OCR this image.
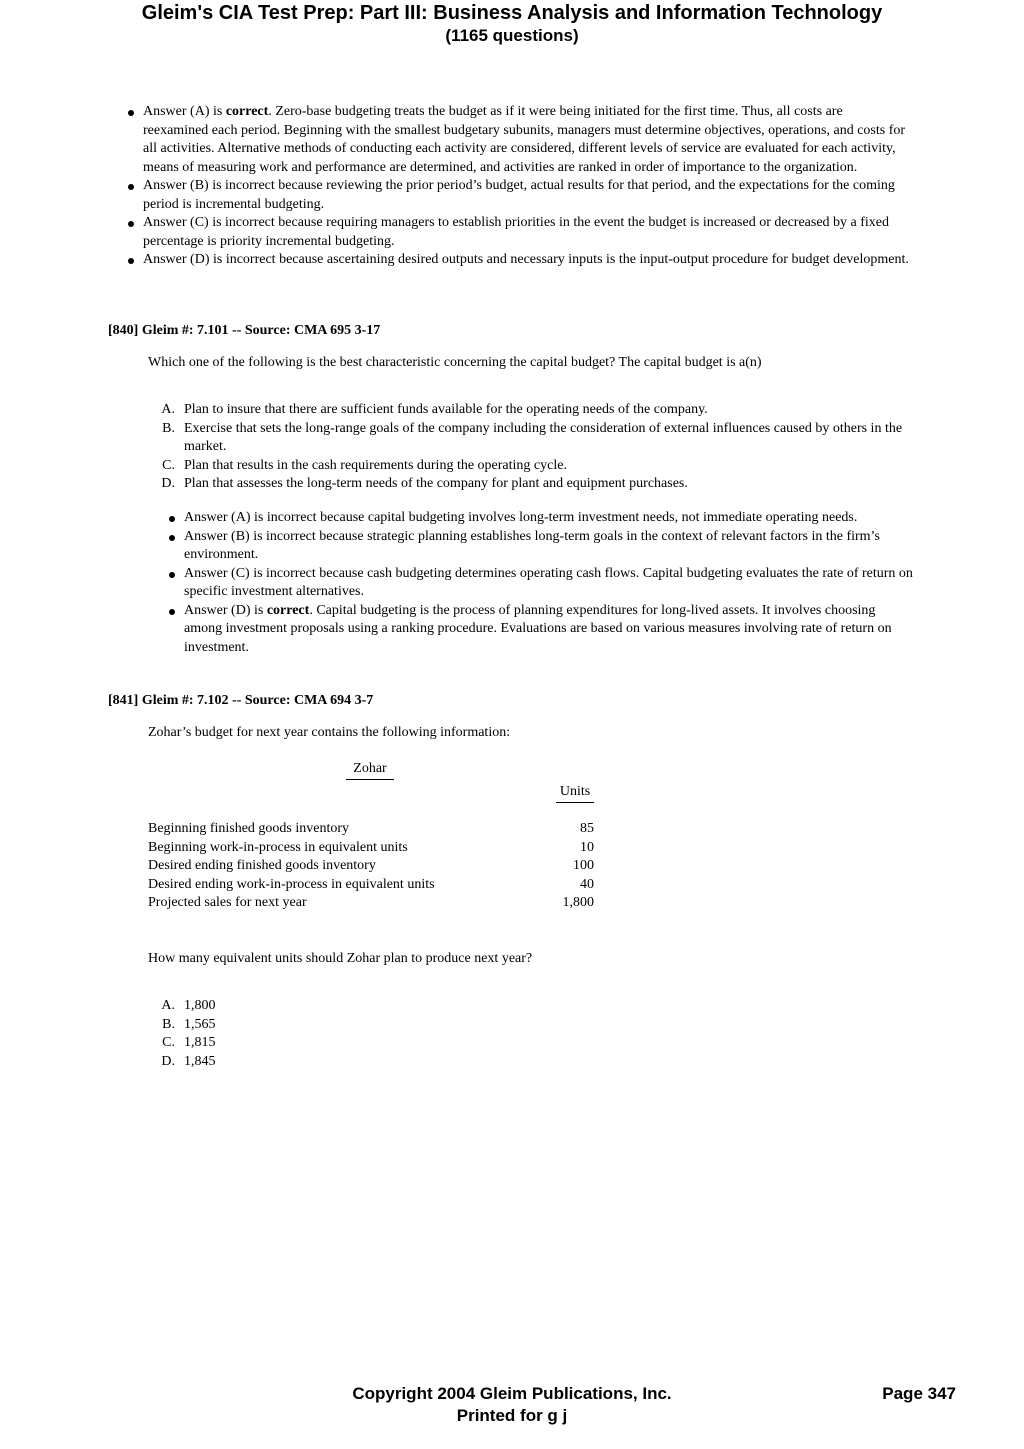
Gleim's CIA Test Prep: Part III: Business Analysis and Information Technology
(1165 questions)
Answer (A) is correct. Zero-base budgeting treats the budget as if it were being initiated for the first time. Thus, all costs are reexamined each period. Beginning with the smallest budgetary subunits, managers must determine objectives, operations, and costs for all activities. Alternative methods of conducting each activity are considered, different levels of service are evaluated for each activity, means of measuring work and performance are determined, and activities are ranked in order of importance to the organization.
Answer (B) is incorrect because reviewing the prior period’s budget, actual results for that period, and the expectations for the coming period is incremental budgeting.
Answer (C) is incorrect because requiring managers to establish priorities in the event the budget is increased or decreased by a fixed percentage is priority incremental budgeting.
Answer (D) is incorrect because ascertaining desired outputs and necessary inputs is the input-output procedure for budget development.
[840] Gleim #: 7.101 -- Source: CMA 695 3-17
Which one of the following is the best characteristic concerning the capital budget? The capital budget is a(n)
A. Plan to insure that there are sufficient funds available for the operating needs of the company.
B. Exercise that sets the long-range goals of the company including the consideration of external influences caused by others in the market.
C. Plan that results in the cash requirements during the operating cycle.
D. Plan that assesses the long-term needs of the company for plant and equipment purchases.
Answer (A) is incorrect because capital budgeting involves long-term investment needs, not immediate operating needs.
Answer (B) is incorrect because strategic planning establishes long-term goals in the context of relevant factors in the firm’s environment.
Answer (C) is incorrect because cash budgeting determines operating cash flows. Capital budgeting evaluates the rate of return on specific investment alternatives.
Answer (D) is correct. Capital budgeting is the process of planning expenditures for long-lived assets. It involves choosing among investment proposals using a ranking procedure. Evaluations are based on various measures involving rate of return on investment.
[841] Gleim #: 7.102 -- Source: CMA 694 3-7
Zohar’s budget for next year contains the following information:
Zohar
Units
Beginning finished goods inventory	85
Beginning work-in-process in equivalent units	10
Desired ending finished goods inventory	100
Desired ending work-in-process in equivalent units	40
Projected sales for next year	1,800
How many equivalent units should Zohar plan to produce next year?
A. 1,800
B. 1,565
C. 1,815
D. 1,845
Copyright 2004 Gleim Publications, Inc.
Printed for g j
Page 347
